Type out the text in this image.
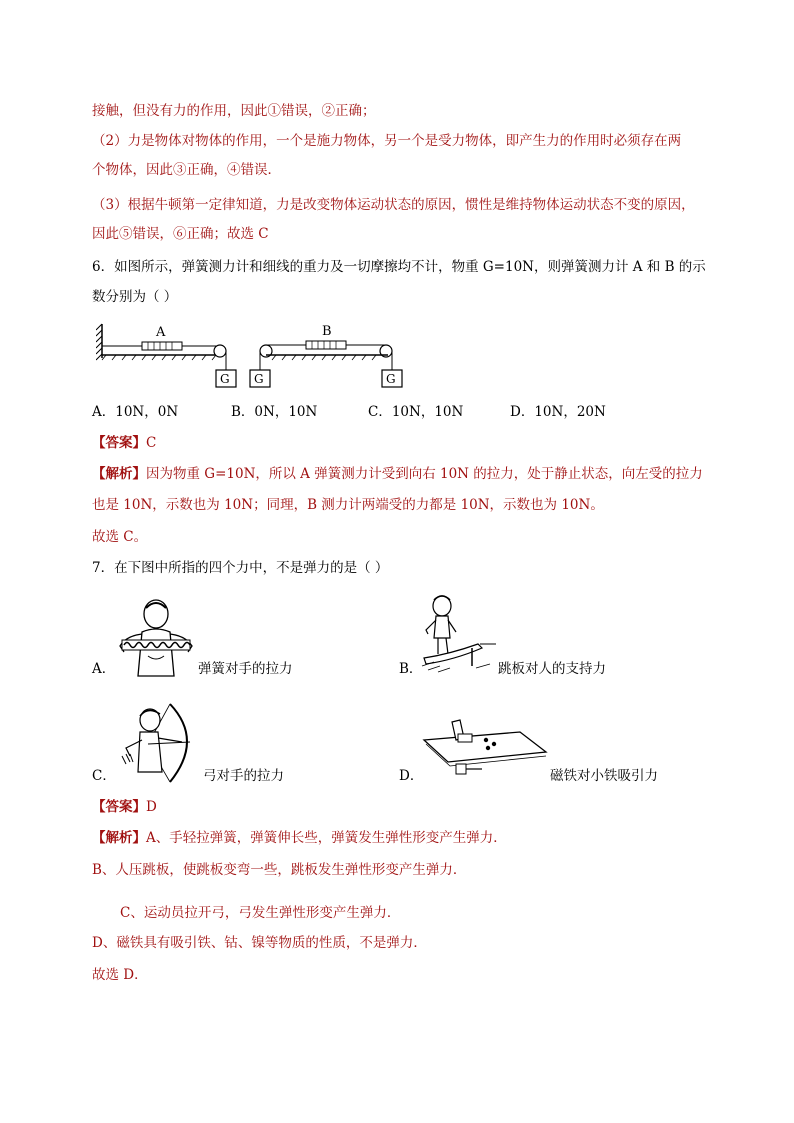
接触，但没有力的作用，因此①错误，②正确；
（2）力是物体对物体的作用，一个是施力物体，另一个是受力物体，即产生力的作用时必须存在两
个物体，因此③正确，④错误．
（3）根据牛顿第一定律知道，力是改变物体运动状态的原因，惯性是维持物体运动状态不变的原因，
因此⑤错误，⑥正确；故选 C
6．如图所示，弹簧测力计和细线的重力及一切摩擦均不计，物重 G=10N，则弹簧测力计 A 和 B 的示
数分别为（ ）
A
G G
B
G
A．10N，0N	B．0N，10N	C．10N，10N	D．10N，20N
【答案】C
【解析】因为物重 G=10N，所以 A 弹簧测力计受到向右 10N 的拉力，处于静止状态，向左受的拉力
也是 10N，示数也为 10N；同理，B 测力计两端受的力都是 10N，示数也为 10N。
故选 C。
7．在下图中所指的四个力中，不是弹力的是（ ）
A．	弹簧对手的拉力	B．	跳板对人的支持力
C．	弓对手的拉力	D．	磁铁对小铁吸引力
【答案】D
【解析】A、手轻拉弹簧，弹簧伸长些，弹簧发生弹性形变产生弹力．
B、人压跳板，使跳板变弯一些，跳板发生弹性形变产生弹力．
C、运动员拉开弓，弓发生弹性形变产生弹力．
D、磁铁具有吸引铁、钴、镍等物质的性质，不是弹力．
故选 D．
